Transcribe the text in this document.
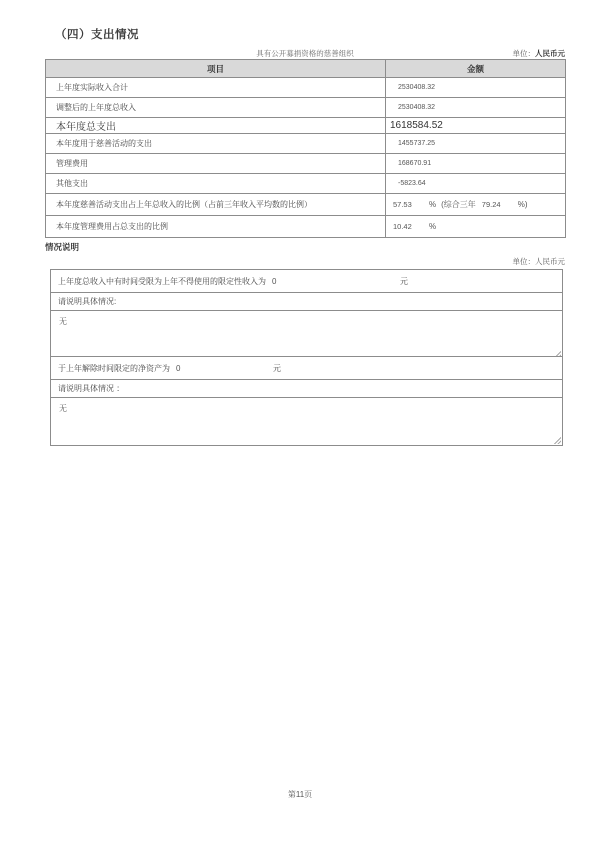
（四）支出情况
具有公开募捐资格的慈善组织	单位：人民币元
项目	金额
上年度实际收入合计	2530408.32
调整后的上年度总收入	2530408.32
本年度总支出	1618584.52
本年度用于慈善活动的支出	1455737.25
管理费用	168670.91
其他支出	-5823.64
本年度慈善活动支出占上年总收入的比例（占前三年收入平均数的比例）	57.53 % (综合三年 79.24 %)
本年度管理费用占总支出的比例	10.42 %
情况说明
单位：人民币元
上年度总收入中有时间受限为上年不得使用的限定性收入为 0	元
请说明具体情况:
无
于上年解除时间限定的净资产为 0	元
请说明具体情况 ：
无
第11页
